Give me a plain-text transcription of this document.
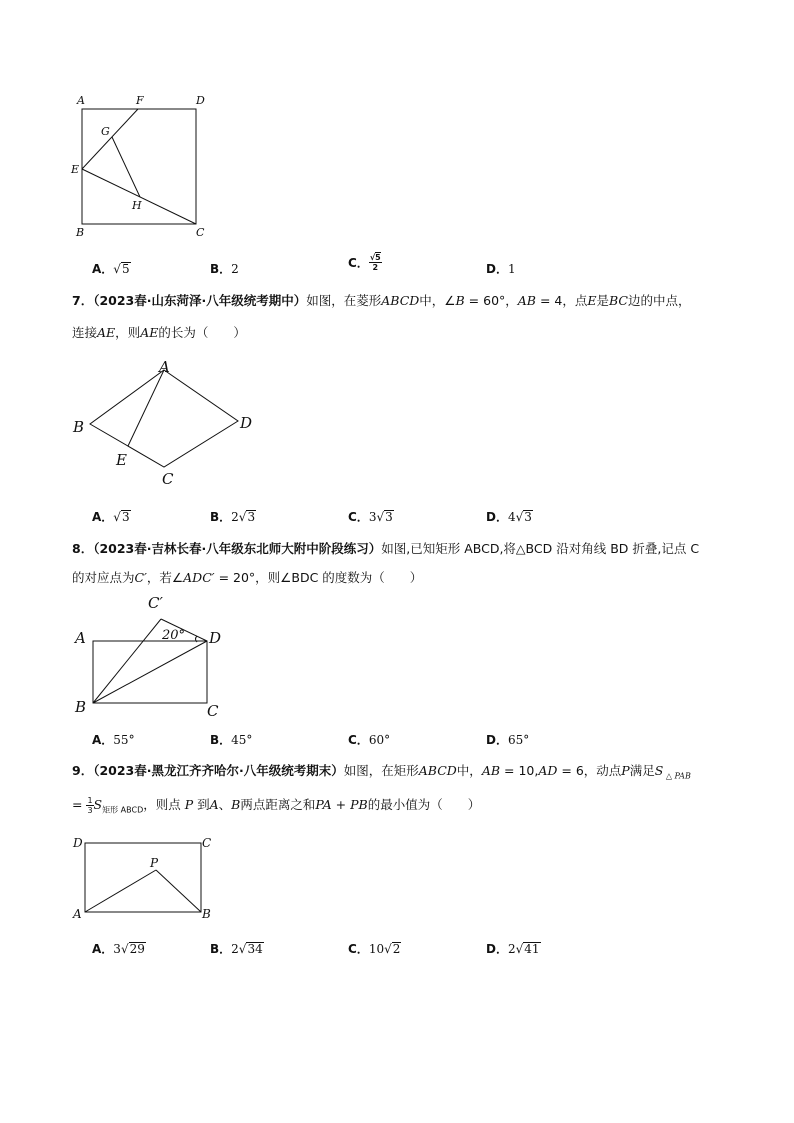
A	F	D
G
E
H
B	C
A．√5	B．2	C． $\frac{√5}{2}$	D．1
7．（2023春·山东菏泽·八年级统考期中）如图，在菱形ABCD中，∠B = 60°，AB = 4，点E是BC边的中点，
连接AE，则AE的长为（　　）
A
B	D
E
C
A．√3	B．2√3	C．3√3	D．4√3
8．（2023春·吉林长春·八年级东北师大附中阶段练习）如图,已知矩形 ABCD,将△BCD 沿对角线 BD 折叠,记点 C
的对应点为C′，若∠ADC′ = 20°，则∠BDC 的度数为（　　）
C′
A	D
B	C
20°
A．55°	B．45°	C．60°	D．65°
9．（2023春·黑龙江齐齐哈尔·八年级统考期末）如图，在矩形ABCD中，AB = 10,AD = 6，动点P满足S $_{\triangle PAB}$
= $\frac{1}{3} S_{矩形 ABCD}$，则点 P 到A、B两点距离之和PA + PB的最小值为（　　）
D	C
P
A	B
A．3√29	B．2√34	C．10√2	D．2√41
